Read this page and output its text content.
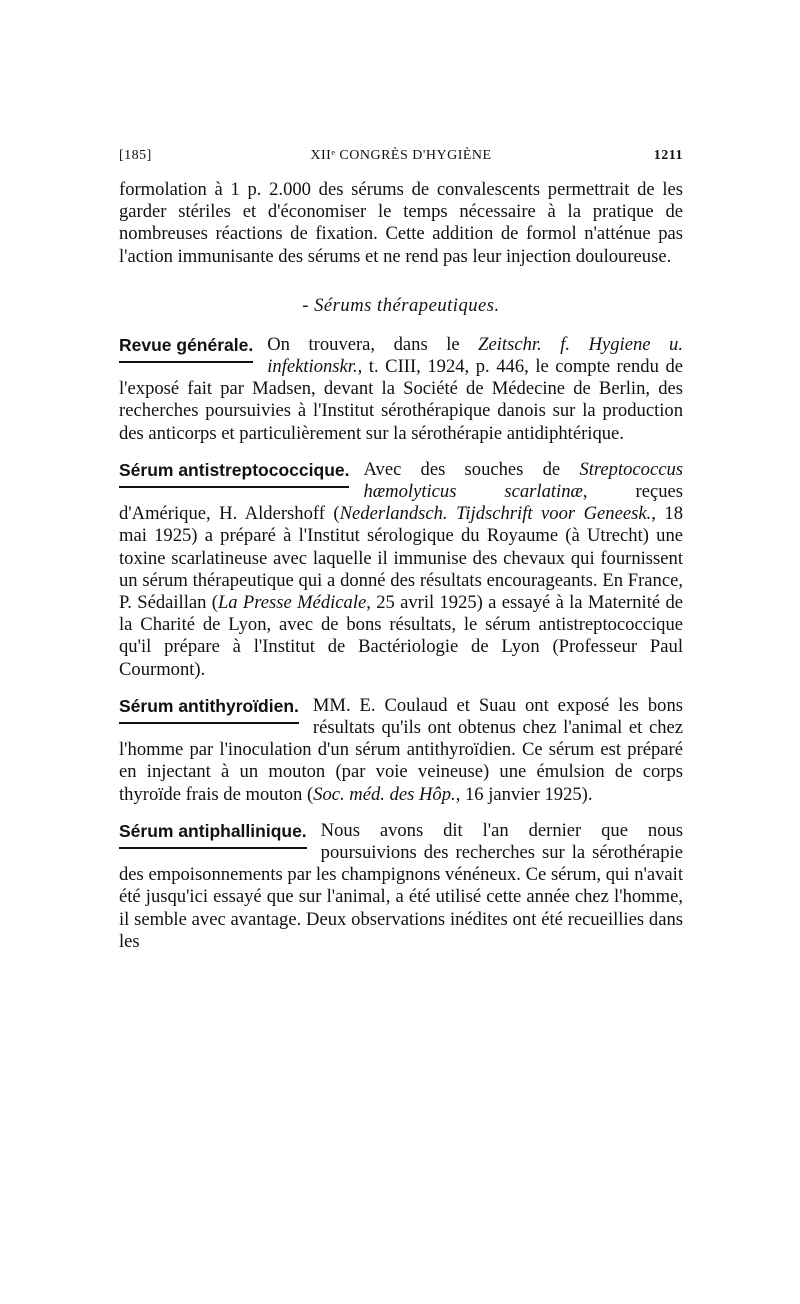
[185]	XIIᵉ CONGRÈS D'HYGIÈNE	1211

formolation à 1 p. 2.000 des sérums de convalescents permettrait de les garder stériles et d'économiser le temps nécessaire à la pratique de nombreuses réactions de fixation. Cette addition de formol n'atténue pas l'action immunisante des sérums et ne rend pas leur injection douloureuse.

- Sérums thérapeutiques.
Revue générale. On trouvera, dans le Zeitschr. f. Hygiene u. infektionskr., t. CIII, 1924, p. 446, le compte rendu de l'exposé fait par Madsen, devant la Société de Médecine de Berlin, des recherches poursuivies à l'Institut sérothérapique danois sur la production des anticorps et particulièrement sur la sérothérapie antidiphtérique.

Sérum antistreptococcique. Avec des souches de Streptococcus hæmolyticus scarlatinæ, reçues d'Amérique, H. Aldershoff (Nederlandsch. Tijdschrift voor Geneesk., 18 mai 1925) a préparé à l'Institut sérologique du Royaume (à Utrecht) une toxine scarlatineuse avec laquelle il immunise des chevaux qui fournissent un sérum thérapeutique qui a donné des résultats encourageants. En France, P. Sédaillan (La Presse Médicale, 25 avril 1925) a essayé à la Maternité de la Charité de Lyon, avec de bons résultats, le sérum antistreptococcique qu'il prépare à l'Institut de Bactériologie de Lyon (Professeur Paul Courmont).

Sérum antithyroïdien. MM. E. Coulaud et Suau ont exposé les bons résultats qu'ils ont obtenus chez l'animal et chez l'homme par l'inoculation d'un sérum antithyroïdien. Ce sérum est préparé en injectant à un mouton (par voie veineuse) une émulsion de corps thyroïde frais de mouton (Soc. méd. des Hôp., 16 janvier 1925).

Sérum antiphallinique. Nous avons dit l'an dernier que nous poursuivions des recherches sur la sérothérapie des empoisonnements par les champignons vénéneux. Ce sérum, qui n'avait été jusqu'ici essayé que sur l'animal, a été utilisé cette année chez l'homme, il semble avec avantage. Deux observations inédites ont été recueillies dans les
